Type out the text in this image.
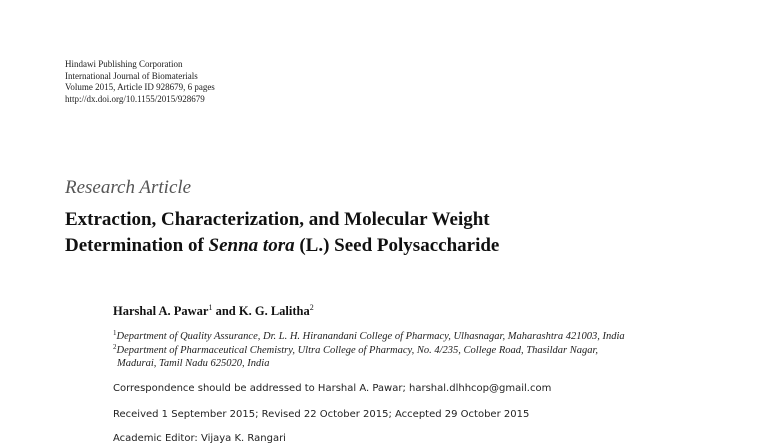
Hindawi Publishing Corporation
International Journal of Biomaterials
Volume 2015, Article ID 928679, 6 pages
http://dx.doi.org/10.1155/2015/928679
Research Article
Extraction, Characterization, and Molecular Weight
Determination of Senna tora (L.) Seed Polysaccharide
Harshal A. Pawar$^1$ and K. G. Lalitha$^2$
$^1$Department of Quality Assurance, Dr. L. H. Hiranandani College of Pharmacy, Ulhasnagar, Maharashtra 421003, India
$^2$Department of Pharmaceutical Chemistry, Ultra College of Pharmacy, No. 4/235, College Road, Thasildar Nagar,
Madurai, Tamil Nadu 625020, India
Correspondence should be addressed to Harshal A. Pawar; harshal.dlhhcop@gmail.com
Received 1 September 2015; Revised 22 October 2015; Accepted 29 October 2015
Academic Editor: Vijaya K. Rangari
